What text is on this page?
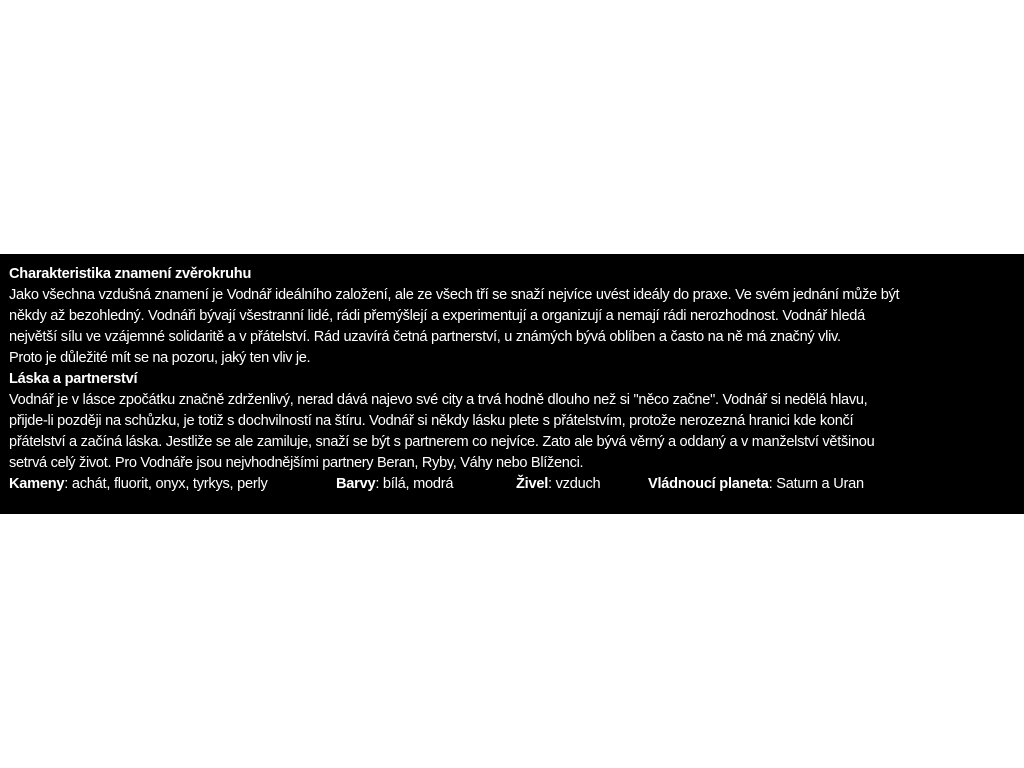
Charakteristika znamení zvěrokruhu
Jako všechna vzdušná znamení je Vodnář ideálního založení, ale ze všech tří se snaží nejvíce uvést ideály do praxe. Ve svém jednání může být
někdy až bezohledný. Vodnáři bývají všestranní lidé, rádi přemýšlejí a experimentují a organizují a nemají rádi nerozhodnost. Vodnář hledá
největší sílu ve vzájemné solidaritě a v přátelství. Rád uzavírá četná partnerství, u známých bývá oblíben a často na ně má značný vliv.
Proto je důležité mít se na pozoru, jaký ten vliv je.
Láska a partnerství
Vodnář je v lásce zpočátku značně zdrženlivý, nerad dává najevo své city a trvá hodně dlouho než si "něco začne". Vodnář si nedělá hlavu,
přijde-li později na schůzku, je totiž s dochvilností na štíru. Vodnář si někdy lásku plete s přátelstvím, protože nerozezná hranici kde končí
přátelství a začíná láska. Jestliže se ale zamiluje, snaží se být s partnerem co nejvíce. Zato ale bývá věrný a oddaný a v manželství většinou
setrvá celý život. Pro Vodnáře jsou nejvhodnějšími partnery Beran, Ryby, Váhy nebo Blíženci.
Kameny: achát, fluorit, onyx, tyrkys, perly	Barvy: bílá, modrá	Živel: vzduch	Vládnoucí planeta: Saturn a Uran
